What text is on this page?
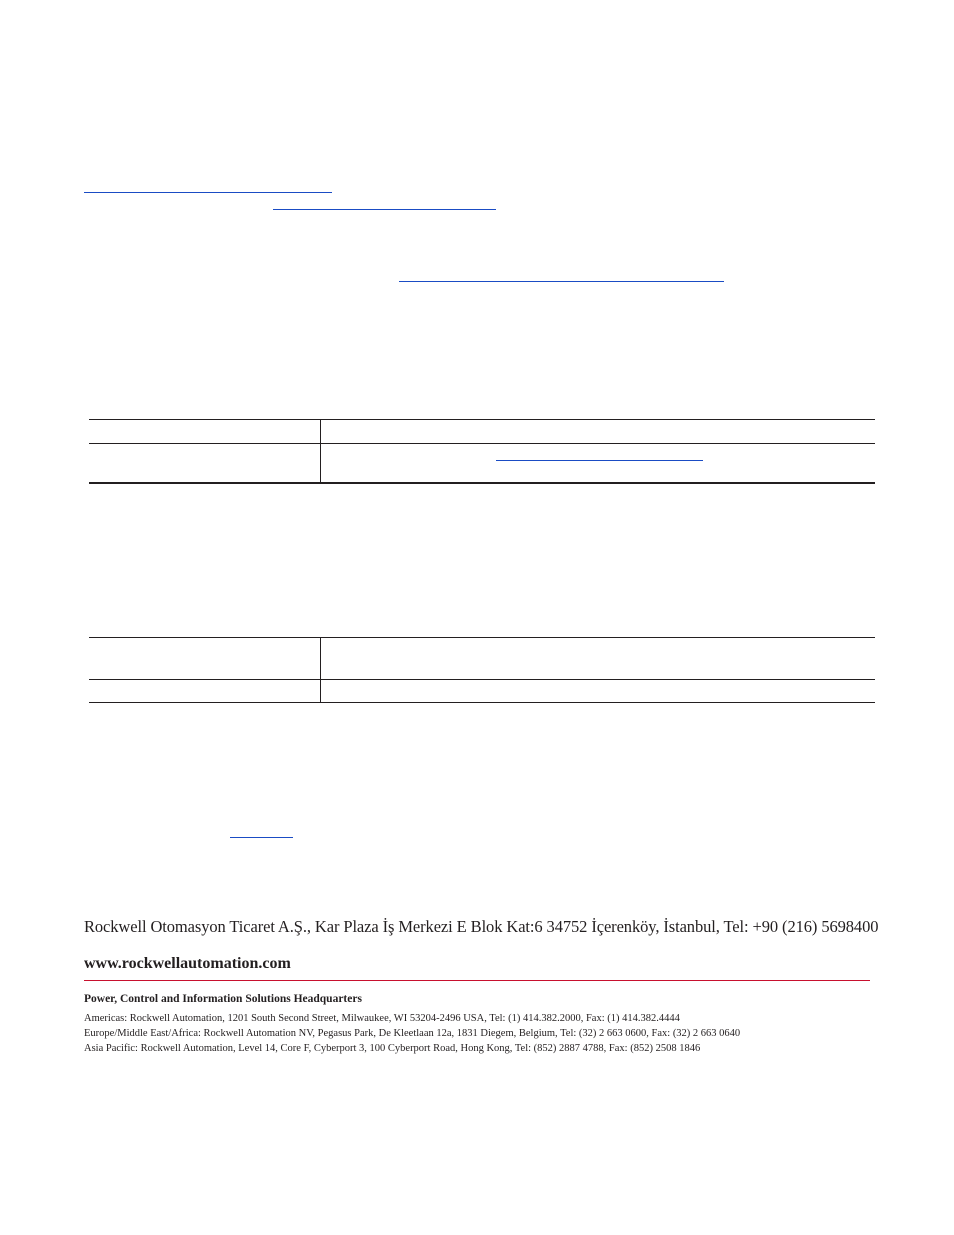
Rockwell Otomasyon Ticaret A.Ş., Kar Plaza İş Merkezi E Blok Kat:6 34752 İçerenköy, İstanbul, Tel: +90 (216) 5698400
www.rockwellautomation.com
Power, Control and Information Solutions Headquarters
Americas: Rockwell Automation, 1201 South Second Street, Milwaukee, WI 53204-2496 USA, Tel: (1) 414.382.2000, Fax: (1) 414.382.4444
Europe/Middle East/Africa: Rockwell Automation NV, Pegasus Park, De Kleetlaan 12a, 1831 Diegem, Belgium, Tel: (32) 2 663 0600, Fax: (32) 2 663 0640
Asia Pacific: Rockwell Automation, Level 14, Core F, Cyberport 3, 100 Cyberport Road, Hong Kong, Tel: (852) 2887 4788, Fax: (852) 2508 1846
